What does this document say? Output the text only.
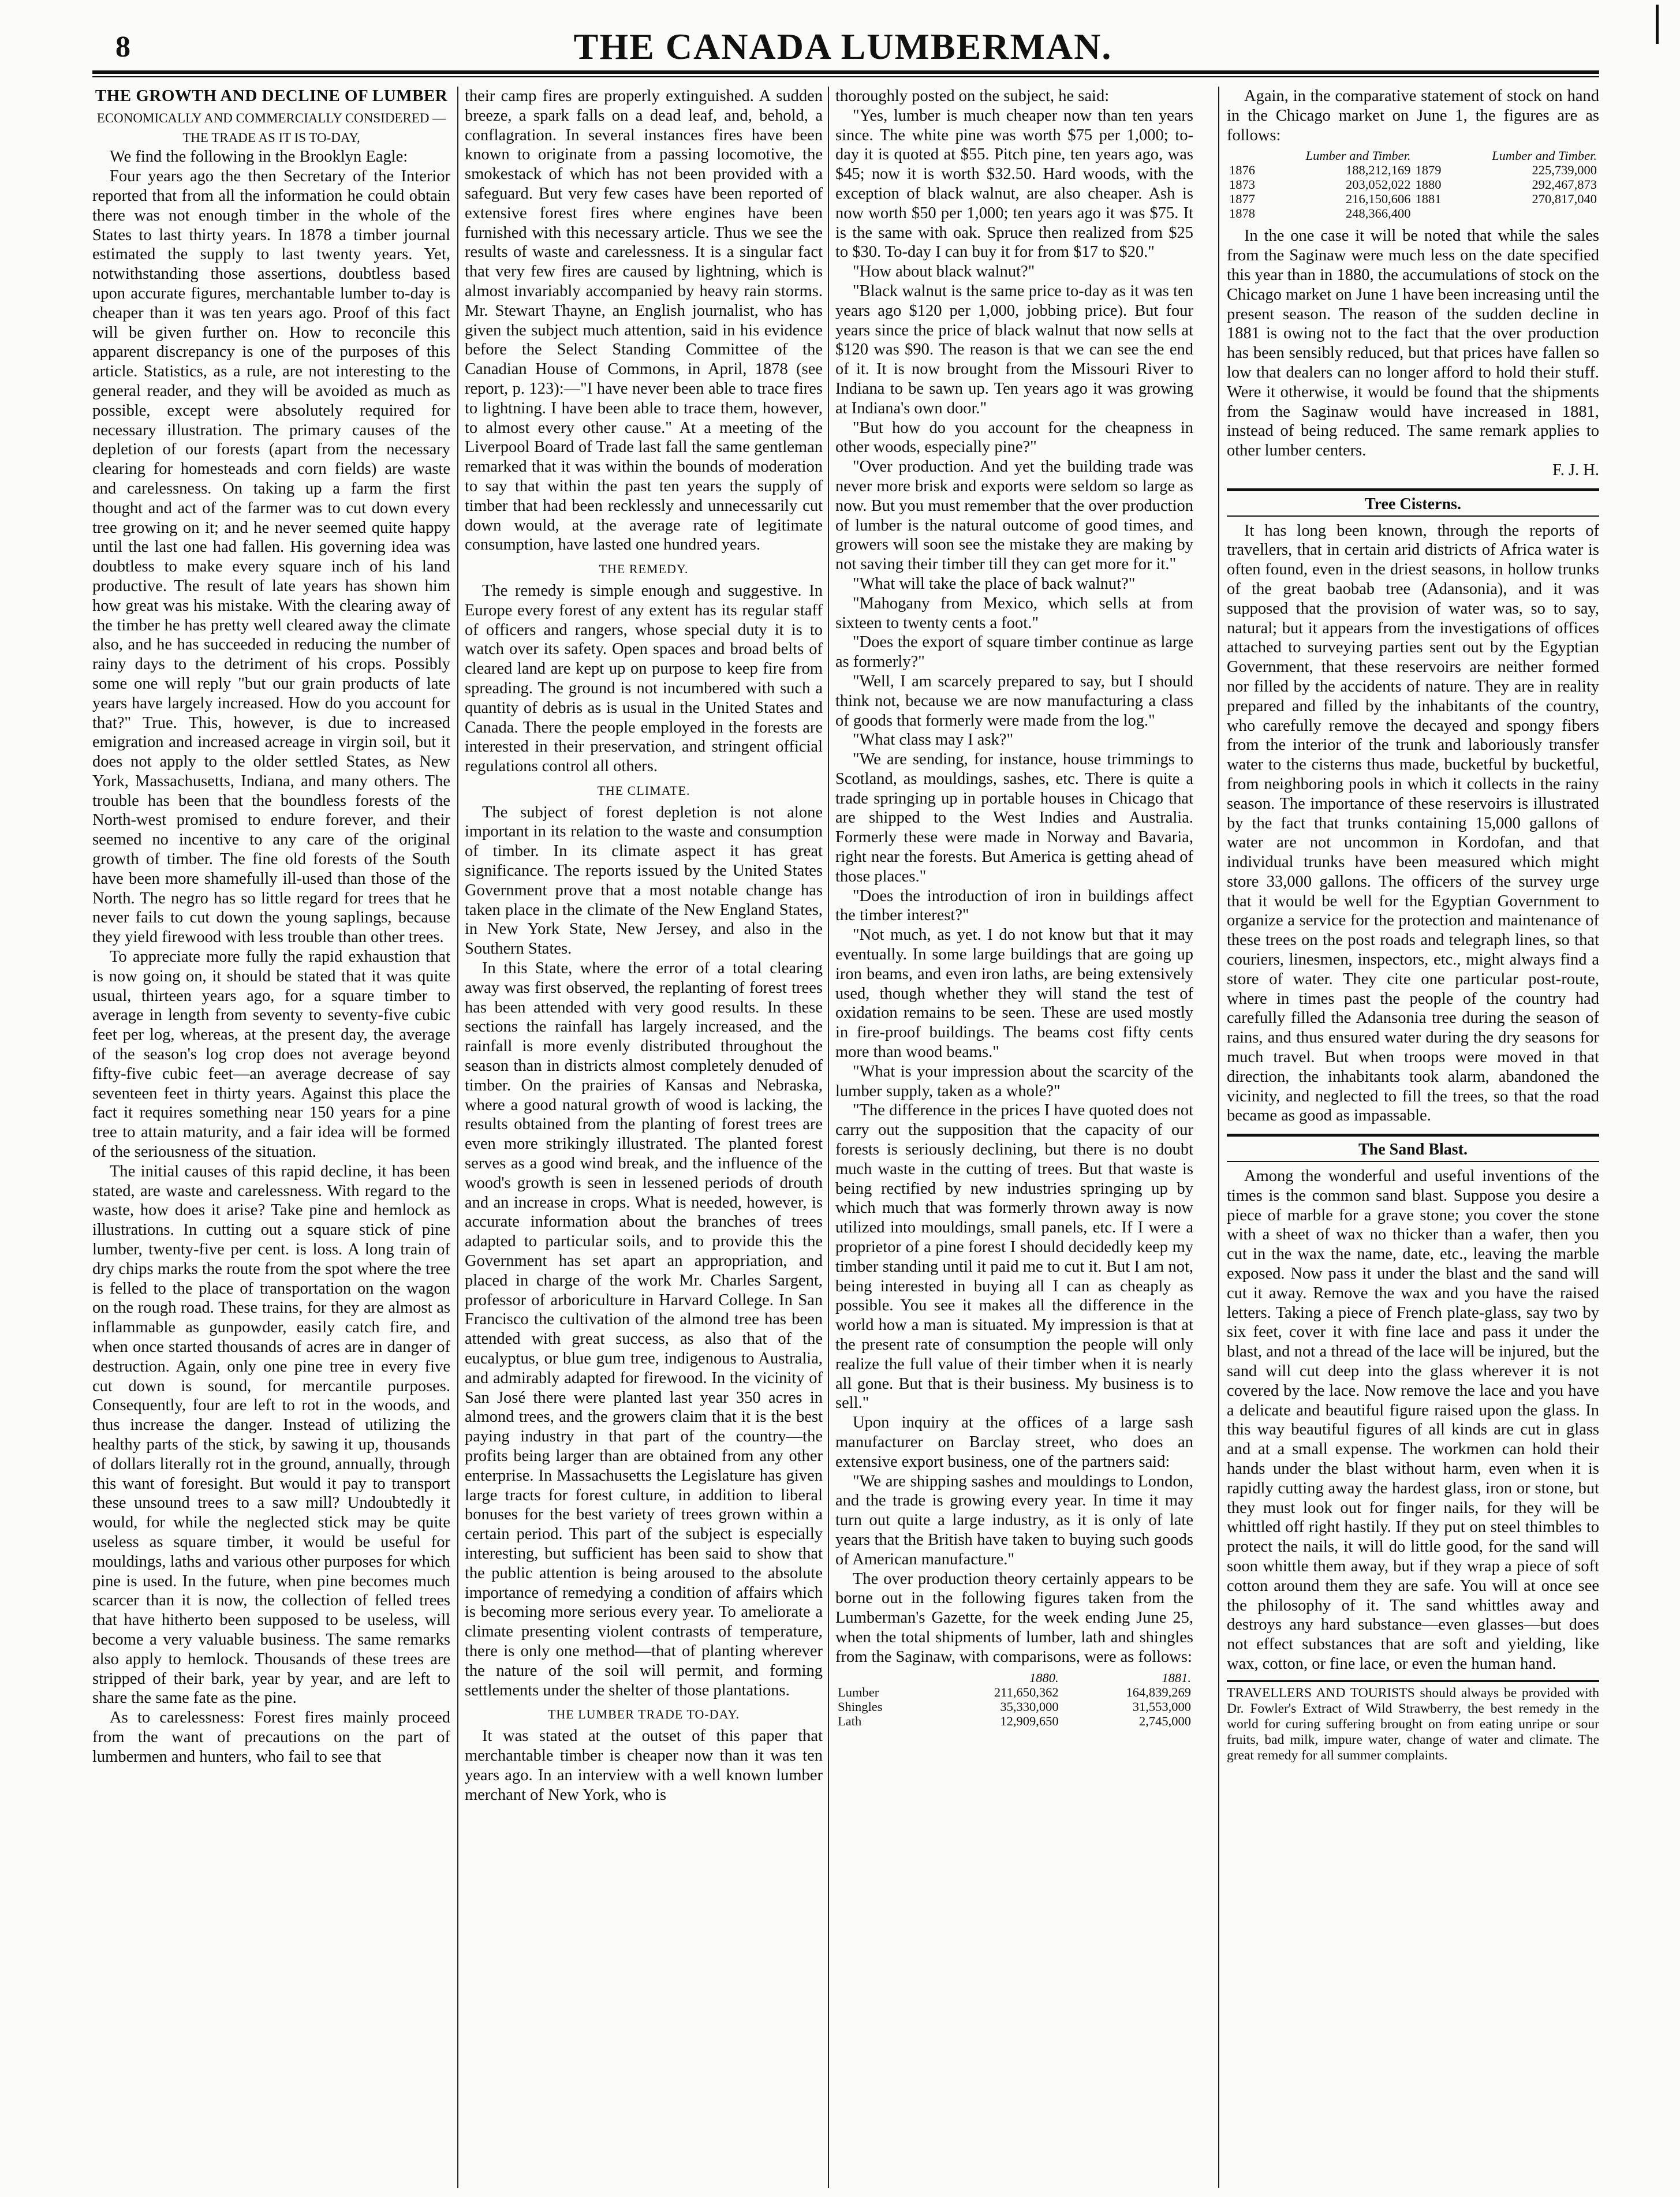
8	THE CANADA LUMBERMAN.
THE GROWTH AND DECLINE OF LUMBER
ECONOMICALLY AND COMMERCIALLY CONSIDERED —THE TRADE AS IT IS TO-DAY,

We find the following in the Brooklyn Eagle:

Four years ago the then Secretary of the Interior reported that from all the information he could obtain there was not enough timber in the whole of the States to last thirty years. In 1878 a timber journal estimated the supply to last twenty years. Yet, notwithstanding those assertions, doubtless based upon accurate figures, merchantable lumber to-day is cheaper than it was ten years ago. Proof of this fact will be given further on. How to reconcile this apparent discrepancy is one of the purposes of this article. Statistics, as a rule, are not interesting to the general reader, and they will be avoided as much as possible, except were absolutely required for necessary illustration. The primary causes of the depletion of our forests (apart from the necessary clearing for homesteads and corn fields) are waste and carelessness. On taking up a farm the first thought and act of the farmer was to cut down every tree growing on it; and he never seemed quite happy until the last one had fallen. His governing idea was doubtless to make every square inch of his land productive. The result of late years has shown him how great was his mistake. With the clearing away of the timber he has pretty well cleared away the climate also, and he has succeeded in reducing the number of rainy days to the detriment of his crops. Possibly some one will reply "but our grain products of late years have largely increased. How do you account for that?" True. This, however, is due to increased emigration and increased acreage in virgin soil, but it does not apply to the older settled States, as New York, Massachusetts, Indiana, and many others. The trouble has been that the boundless forests of the North-west promised to endure forever, and their seemed no incentive to any care of the original growth of timber. The fine old forests of the South have been more shamefully ill-used than those of the North. The negro has so little regard for trees that he never fails to cut down the young saplings, because they yield firewood with less trouble than other trees.

To appreciate more fully the rapid exhaustion that is now going on, it should be stated that it was quite usual, thirteen years ago, for a square timber to average in length from seventy to seventy-five cubic feet per log, whereas, at the present day, the average of the season's log crop does not average beyond fifty-five cubic feet—an average decrease of say seventeen feet in thirty years. Against this place the fact it requires something near 150 years for a pine tree to attain maturity, and a fair idea will be formed of the seriousness of the situation.

The initial causes of this rapid decline, it has been stated, are waste and carelessness. With regard to the waste, how does it arise? Take pine and hemlock as illustrations. In cutting out a square stick of pine lumber, twenty-five per cent. is loss. A long train of dry chips marks the route from the spot where the tree is felled to the place of transportation on the wagon on the rough road. These trains, for they are almost as inflammable as gunpowder, easily catch fire, and when once started thousands of acres are in danger of destruction. Again, only one pine tree in every five cut down is sound, for mercantile purposes. Consequently, four are left to rot in the woods, and thus increase the danger. Instead of utilizing the healthy parts of the stick, by sawing it up, thousands of dollars literally rot in the ground, annually, through this want of foresight. But would it pay to transport these unsound trees to a saw mill? Undoubtedly it would, for while the neglected stick may be quite useless as square timber, it would be useful for mouldings, laths and various other purposes for which pine is used. In the future, when pine becomes much scarcer than it is now, the collection of felled trees that have hitherto been supposed to be useless, will become a very valuable business. The same remarks also apply to hemlock. Thousands of these trees are stripped of their bark, year by year, and are left to share the same fate as the pine.

As to carelessness: Forest fires mainly proceed from the want of precautions on the part of lumbermen and hunters, who fail to see that

their camp fires are properly extinguished. A sudden breeze, a spark falls on a dead leaf, and, behold, a conflagration. In several instances fires have been known to originate from a passing locomotive, the smokestack of which has not been provided with a safeguard. But very few cases have been reported of extensive forest fires where engines have been furnished with this necessary article. Thus we see the results of waste and carelessness. It is a singular fact that very few fires are caused by lightning, which is almost invariably accompanied by heavy rain storms. Mr. Stewart Thayne, an English journalist, who has given the subject much attention, said in his evidence before the Select Standing Committee of the Canadian House of Commons, in April, 1878 (see report, p. 123):—"I have never been able to trace fires to lightning. I have been able to trace them, however, to almost every other cause." At a meeting of the Liverpool Board of Trade last fall the same gentleman remarked that it was within the bounds of moderation to say that within the past ten years the supply of timber that had been recklessly and unnecessarily cut down would, at the average rate of legitimate consumption, have lasted one hundred years.

THE REMEDY.

The remedy is simple enough and suggestive. In Europe every forest of any extent has its regular staff of officers and rangers, whose special duty it is to watch over its safety. Open spaces and broad belts of cleared land are kept up on purpose to keep fire from spreading. The ground is not incumbered with such a quantity of debris as is usual in the United States and Canada. There the people employed in the forests are interested in their preservation, and stringent official regulations control all others.

THE CLIMATE.

The subject of forest depletion is not alone important in its relation to the waste and consumption of timber. In its climate aspect it has great significance. The reports issued by the United States Government prove that a most notable change has taken place in the climate of the New England States, in New York State, New Jersey, and also in the Southern States.

In this State, where the error of a total clearing away was first observed, the replanting of forest trees has been attended with very good results. In these sections the rainfall has largely increased, and the rainfall is more evenly distributed throughout the season than in districts almost completely denuded of timber. On the prairies of Kansas and Nebraska, where a good natural growth of wood is lacking, the results obtained from the planting of forest trees are even more strikingly illustrated. The planted forest serves as a good wind break, and the influence of the wood's growth is seen in lessened periods of drouth and an increase in crops. What is needed, however, is accurate information about the branches of trees adapted to particular soils, and to provide this the Government has set apart an appropriation, and placed in charge of the work Mr. Charles Sargent, professor of arboriculture in Harvard College. In San Francisco the cultivation of the almond tree has been attended with great success, as also that of the eucalyptus, or blue gum tree, indigenous to Australia, and admirably adapted for firewood. In the vicinity of San José there were planted last year 350 acres in almond trees, and the growers claim that it is the best paying industry in that part of the country—the profits being larger than are obtained from any other enterprise. In Massachusetts the Legislature has given large tracts for forest culture, in addition to liberal bonuses for the best variety of trees grown within a certain period. This part of the subject is especially interesting, but sufficient has been said to show that the public attention is being aroused to the absolute importance of remedying a condition of affairs which is becoming more serious every year. To ameliorate a climate presenting violent contrasts of temperature, there is only one method—that of planting wherever the nature of the soil will permit, and forming settlements under the shelter of those plantations.

THE LUMBER TRADE TO-DAY.

It was stated at the outset of this paper that merchantable timber is cheaper now than it was ten years ago. In an interview with a well known lumber merchant of New York, who is

thoroughly posted on the subject, he said:

"Yes, lumber is much cheaper now than ten years since. The white pine was worth $75 per 1,000; to-day it is quoted at $55. Pitch pine, ten years ago, was $45; now it is worth $32.50. Hard woods, with the exception of black walnut, are also cheaper. Ash is now worth $50 per 1,000; ten years ago it was $75. It is the same with oak. Spruce then realized from $25 to $30. To-day I can buy it for from $17 to $20."

"How about black walnut?"

"Black walnut is the same price to-day as it was ten years ago $120 per 1,000, jobbing price). But four years since the price of black walnut that now sells at $120 was $90. The reason is that we can see the end of it. It is now brought from the Missouri River to Indiana to be sawn up. Ten years ago it was growing at Indiana's own door."

"But how do you account for the cheapness in other woods, especially pine?"

"Over production. And yet the building trade was never more brisk and exports were seldom so large as now. But you must remember that the over production of lumber is the natural outcome of good times, and growers will soon see the mistake they are making by not saving their timber till they can get more for it."

"What will take the place of back walnut?"

"Mahogany from Mexico, which sells at from sixteen to twenty cents a foot."

"Does the export of square timber continue as large as formerly?"

"Well, I am scarcely prepared to say, but I should think not, because we are now manufacturing a class of goods that formerly were made from the log."

"What class may I ask?"

"We are sending, for instance, house trimmings to Scotland, as mouldings, sashes, etc. There is quite a trade springing up in portable houses in Chicago that are shipped to the West Indies and Australia. Formerly these were made in Norway and Bavaria, right near the forests. But America is getting ahead of those places."

"Does the introduction of iron in buildings affect the timber interest?"

"Not much, as yet. I do not know but that it may eventually. In some large buildings that are going up iron beams, and even iron laths, are being extensively used, though whether they will stand the test of oxidation remains to be seen. These are used mostly in fire-proof buildings. The beams cost fifty cents more than wood beams."

"What is your impression about the scarcity of the lumber supply, taken as a whole?"

"The difference in the prices I have quoted does not carry out the supposition that the capacity of our forests is seriously declining, but there is no doubt much waste in the cutting of trees. But that waste is being rectified by new industries springing up by which much that was formerly thrown away is now utilized into mouldings, small panels, etc. If I were a proprietor of a pine forest I should decidedly keep my timber standing until it paid me to cut it. But I am not, being interested in buying all I can as cheaply as possible. You see it makes all the difference in the world how a man is situated. My impression is that at the present rate of consumption the people will only realize the full value of their timber when it is nearly all gone. But that is their business. My business is to sell."

Upon inquiry at the offices of a large sash manufacturer on Barclay street, who does an extensive export business, one of the partners said:

"We are shipping sashes and mouldings to London, and the trade is growing every year. In time it may turn out quite a large industry, as it is only of late years that the British have taken to buying such goods of American manufacture."

The over production theory certainly appears to be borne out in the following figures taken from the Lumberman's Gazette, for the week ending June 25, when the total shipments of lumber, lath and shingles from the Saginaw, with comparisons, were as follows:

	1880.	1881.
Lumber	211,650,362	164,839,269
Shingles	35,330,000	31,553,000
Lath	12,909,650	2,745,000

Again, in the comparative statement of stock on hand in the Chicago market on June 1, the figures are as follows:

	Lumber and Timber.		Lumber and Timber.
1876	188,212,169	1879	225,739,000
1873	203,052,022	1880	292,467,873
1877	216,150,606	1881	270,817,040
1878	248,366,400		

In the one case it will be noted that while the sales from the Saginaw were much less on the date specified this year than in 1880, the accumulations of stock on the Chicago market on June 1 have been increasing until the present season. The reason of the sudden decline in 1881 is owing not to the fact that the over production has been sensibly reduced, but that prices have fallen so low that dealers can no longer afford to hold their stuff. Were it otherwise, it would be found that the shipments from the Saginaw would have increased in 1881, instead of being reduced. The same remark applies to other lumber centers.

F. J. H.
Tree Cisterns.

It has long been known, through the reports of travellers, that in certain arid districts of Africa water is often found, even in the driest seasons, in hollow trunks of the great baobab tree (Adansonia), and it was supposed that the provision of water was, so to say, natural; but it appears from the investigations of offices attached to surveying parties sent out by the Egyptian Government, that these reservoirs are neither formed nor filled by the accidents of nature. They are in reality prepared and filled by the inhabitants of the country, who carefully remove the decayed and spongy fibers from the interior of the trunk and laboriously transfer water to the cisterns thus made, bucketful by bucketful, from neighboring pools in which it collects in the rainy season. The importance of these reservoirs is illustrated by the fact that trunks containing 15,000 gallons of water are not uncommon in Kordofan, and that individual trunks have been measured which might store 33,000 gallons. The officers of the survey urge that it would be well for the Egyptian Government to organize a service for the protection and maintenance of these trees on the post roads and telegraph lines, so that couriers, linesmen, inspectors, etc., might always find a store of water. They cite one particular post-route, where in times past the people of the country had carefully filled the Adansonia tree during the season of rains, and thus ensured water during the dry seasons for much travel. But when troops were moved in that direction, the inhabitants took alarm, abandoned the vicinity, and neglected to fill the trees, so that the road became as good as impassable.

The Sand Blast.

Among the wonderful and useful inventions of the times is the common sand blast. Suppose you desire a piece of marble for a grave stone; you cover the stone with a sheet of wax no thicker than a wafer, then you cut in the wax the name, date, etc., leaving the marble exposed. Now pass it under the blast and the sand will cut it away. Remove the wax and you have the raised letters. Taking a piece of French plate-glass, say two by six feet, cover it with fine lace and pass it under the blast, and not a thread of the lace will be injured, but the sand will cut deep into the glass wherever it is not covered by the lace. Now remove the lace and you have a delicate and beautiful figure raised upon the glass. In this way beautiful figures of all kinds are cut in glass and at a small expense. The workmen can hold their hands under the blast without harm, even when it is rapidly cutting away the hardest glass, iron or stone, but they must look out for finger nails, for they will be whittled off right hastily. If they put on steel thimbles to protect the nails, it will do little good, for the sand will soon whittle them away, but if they wrap a piece of soft cotton around them they are safe. You will at once see the philosophy of it. The sand whittles away and destroys any hard substance—even glasses—but does not effect substances that are soft and yielding, like wax, cotton, or fine lace, or even the human hand.

TRAVELLERS AND TOURISTS should always be provided with Dr. Fowler's Extract of Wild Strawberry, the best remedy in the world for curing suffering brought on from eating unripe or sour fruits, bad milk, impure water, change of water and climate. The great remedy for all summer complaints.
